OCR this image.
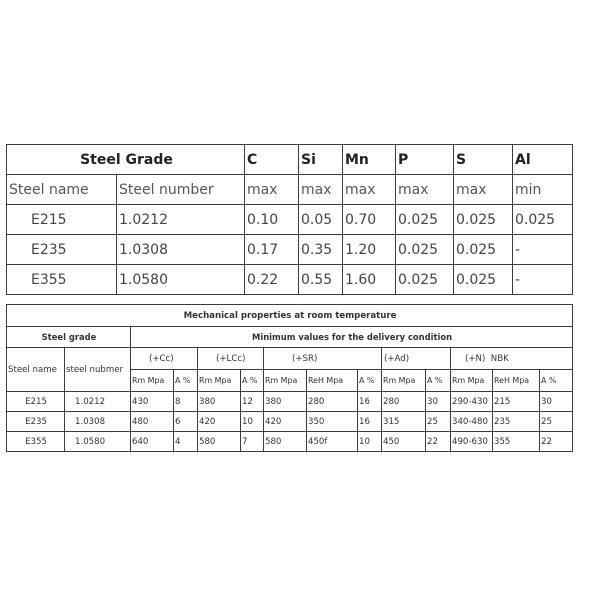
Steel Grade		C	Si	Mn	P	S	Al
Steel name	Steel number	max	max	max	max	max	min
E215	1.0212	0.10	0.05	0.70	0.025	0.025	0.025
E235	1.0308	0.17	0.35	1.20	0.025	0.025	-
E355	1.0580	0.22	0.55	1.60	0.025	0.025	-
Mechanical properties at room temperature													
Steel grade		Minimum values for the delivery condition											
Steel name	steel nubmer	(+Cc)		(+LCc)		(+SR)			(+Ad)		(+N)  NBK		
		Rm Mpa	A %	Rm Mpa	A %	Rm Mpa	ReH Mpa	A %	Rm Mpa	A %	Rm Mpa	ReH Mpa	A %
E215	1.0212	430	8	380	12	380	280	16	280	30	290-430	215	30
E235	1.0308	480	6	420	10	420	350	16	315	25	340-480	235	25
E355	1.0580	640	4	580	7	580	450f	10	450	22	490-630	355	22
